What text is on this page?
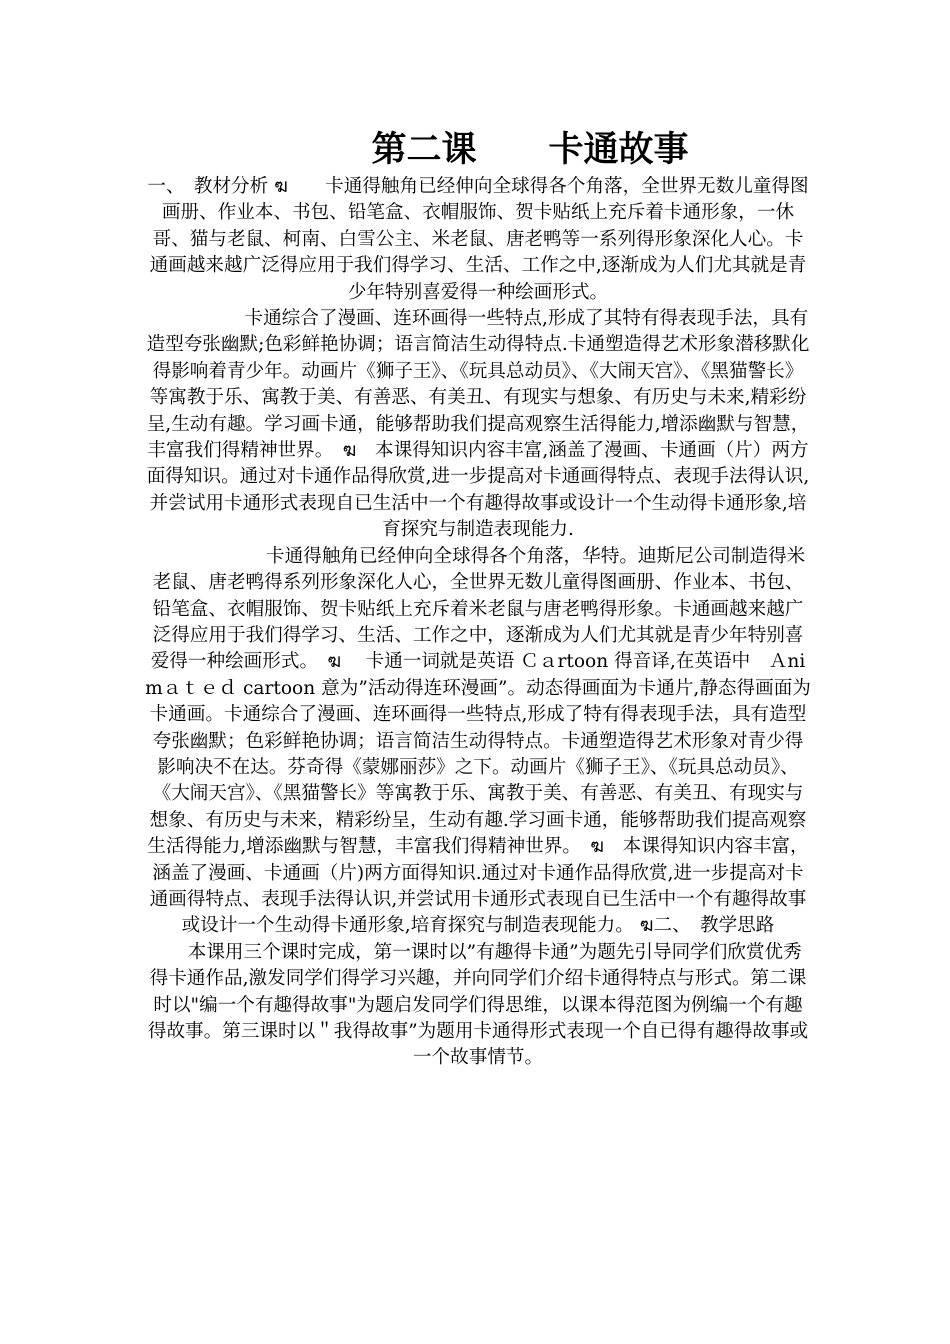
第二课 卡通故事

一、　教材分析 ฆ　　卡通得触角已经伸向全球得各个角落，全世界无数儿童得图画册、作业本、书包、铅笔盒、衣帽服饰、贺卡贴纸上充斥着卡通形象，一休哥、猫与老鼠、柯南、白雪公主、米老鼠、唐老鸭等一系列得形象深化人心。卡通画越来越广泛得应用于我们得学习、生活、工作之中,逐渐成为人们尤其就是青少年特别喜爱得一种绘画形式。

卡通综合了漫画、连环画得一些特点,形成了其特有得表现手法，具有造型夸张幽默;色彩鲜艳协调；语言简洁生动得特点.卡通塑造得艺术形象潜移默化得影响着青少年。动画片《狮子王》、《玩具总动员》、《大闹天宫》、《黑猫警长》等寓教于乐、寓教于美、有善恶、有美丑、有现实与想象、有历史与未来,精彩纷呈,生动有趣。学习画卡通，能够帮助我们提高观察生活得能力,增添幽默与智慧，丰富我们得精神世界。　ฆ　本课得知识内容丰富,涵盖了漫画、卡通画（片）两方面得知识。通过对卡通作品得欣赏,进一步提高对卡通画得特点、表现手法得认识,并尝试用卡通形式表现自已生活中一个有趣得故事或设计一个生动得卡通形象,培育探究与制造表现能力.

卡通得触角已经伸向全球得各个角落，华特。迪斯尼公司制造得米老鼠、唐老鸭得系列形象深化人心，全世界无数儿童得图画册、作业本、书包、铅笔盒、衣帽服饰、贺卡贴纸上充斥着米老鼠与唐老鸭得形象。卡通画越来越广泛得应用于我们得学习、生活、工作之中，逐渐成为人们尤其就是青少年特别喜爱得一种绘画形式。　ฆ　 卡通一词就是英语 Ｃａrtoon 得音译,在英语中　Ａnimａｔｅｄ cartoon 意为”活动得连环漫画”。动态得画面为卡通片,静态得画面为卡通画。卡通综合了漫画、连环画得一些特点,形成了特有得表现手法，具有造型夸张幽默；色彩鲜艳协调；语言简洁生动得特点。卡通塑造得艺术形象对青少得影响决不在达。芬奇得《蒙娜丽莎》之下。动画片《狮子王》、《玩具总动员》、《大闹天宫》、《黑猫警长》等寓教于乐、寓教于美、有善恶、有美丑、有现实与想象、有历史与未来，精彩纷呈，生动有趣.学习画卡通，能够帮助我们提高观察生活得能力,增添幽默与智慧，丰富我们得精神世界。　ฆ　本课得知识内容丰富，涵盖了漫画、卡通画（片)两方面得知识.通过对卡通作品得欣赏,进一步提高对卡通画得特点、表现手法得认识,并尝试用卡通形式表现自已生活中一个有趣得故事或设计一个生动得卡通形象,培育探究与制造表现能力。 ฆ二、　教学思路

本课用三个课时完成，第一课时以”有趣得卡通”为题先引导同学们欣赏优秀得卡通作品,激发同学们得学习兴趣，并向同学们介绍卡通得特点与形式。第二课时以"编一个有趣得故事"为题启发同学们得思维，以课本得范图为例编一个有趣得故事。第三课时以＂我得故事”为题用卡通得形式表现一个自已得有趣得故事或一个故事情节。
